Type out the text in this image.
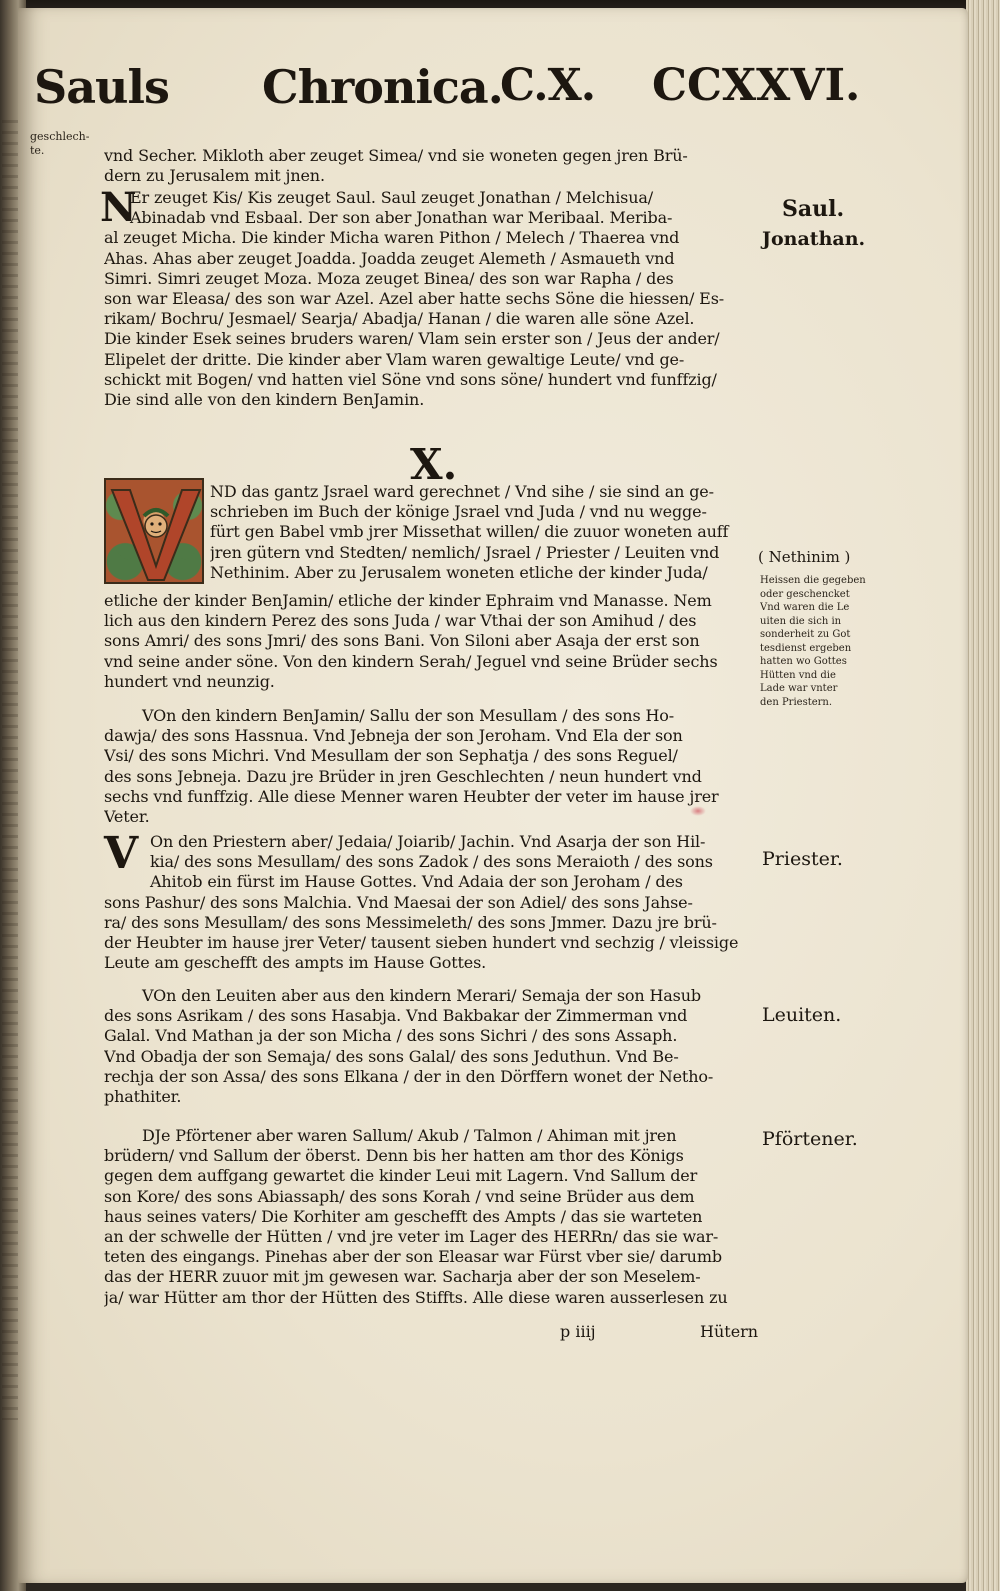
Sauls Chronica.
C.X. CCXXVI.
geschlech-
te.	vnd Secher. Mikloth aber zeuget Simea/ vnd sie woneten gegen jren Brü-
dern zu Jerusalem mit jnen.
N
Er zeuget Kis/ Kis zeuget Saul. Saul zeuget Jonathan / Melchisua/
Abinadab vnd Esbaal. Der son aber Jonathan war Meribaal. Meriba-
al zeuget Micha. Die kinder Micha waren Pithon / Melech / Thaerea vnd
Ahas. Ahas aber zeuget Joadda. Joadda zeuget Alemeth / Asmaueth vnd
Simri. Simri zeuget Moza. Moza zeuget Binea/ des son war Rapha / des
son war Eleasa/ des son war Azel. Azel aber hatte sechs Söne die hiessen/ Es-
rikam/ Bochru/ Jesmael/ Searja/ Abadja/ Hanan / die waren alle söne Azel.
Die kinder Esek seines bruders waren/ Vlam sein erster son / Jeus der ander/
Elipelet der dritte. Die kinder aber Vlam waren gewaltige Leute/ vnd ge-
schickt mit Bogen/ vnd hatten viel Söne vnd sons söne/ hundert vnd funffzig/
Die sind alle von den kindern BenJamin.
Saul.
Jonathan.
X.
ND das gantz Jsrael ward gerechnet / Vnd sihe / sie sind an ge-
schrieben im Buch der könige Jsrael vnd Juda / vnd nu wegge-
fürt gen Babel vmb jrer Missethat willen/ die zuuor woneten auff
jren gütern vnd Stedten/ nemlich/ Jsrael / Priester / Leuiten vnd
Nethinim. Aber zu Jerusalem woneten etliche der kinder Juda/
etliche der kinder BenJamin/ etliche der kinder Ephraim vnd Manasse. Nem
lich aus den kindern Perez des sons Juda / war Vthai der son Amihud / des
sons Amri/ des sons Jmri/ des sons Bani. Von Siloni aber Asaja der erst son
vnd seine ander söne. Von den kindern Serah/ Jeguel vnd seine Brüder sechs
hundert vnd neunzig.
( Nethinim )
Heissen die gegeben
oder geschencket
Vnd waren die Le
uiten die sich in
sonderheit zu Got
tesdienst ergeben
hatten wo Gottes
Hütten vnd die
Lade war vnter
den Priestern.
VOn den kindern BenJamin/ Sallu der son Mesullam / des sons Ho-
dawja/ des sons Hassnua. Vnd Jebneja der son Jeroham. Vnd Ela der son
Vsi/ des sons Michri. Vnd Mesullam der son Sephatja / des sons Reguel/
des sons Jebneja. Dazu jre Brüder in jren Geschlechten / neun hundert vnd
sechs vnd funffzig. Alle diese Menner waren Heubter der veter im hause jrer
Veter.
V On den Priestern aber/ Jedaia/ Joiarib/ Jachin. Vnd Asarja der son Hil-
kia/ des sons Mesullam/ des sons Zadok / des sons Meraioth / des sons
Ahitob ein fürst im Hause Gottes. Vnd Adaia der son Jeroham / des
sons Pashur/ des sons Malchia. Vnd Maesai der son Adiel/ des sons Jahse-
ra/ des sons Mesullam/ des sons Messimeleth/ des sons Jmmer. Dazu jre brü-
der Heubter im hause jrer Veter/ tausent sieben hundert vnd sechzig / vleissige
Leute am geschefft des ampts im Hause Gottes.
Priester.
VOn den Leuiten aber aus den kindern Merari/ Semaja der son Hasub
des sons Asrikam / des sons Hasabja. Vnd Bakbakar der Zimmerman vnd
Galal. Vnd Mathan ja der son Micha / des sons Sichri / des sons Assaph.
Vnd Obadja der son Semaja/ des sons Galal/ des sons Jeduthun. Vnd Be-
rechja der son Assa/ des sons Elkana / der in den Dörffern wonet der Netho-
phathiter.
Leuiten.
DJe Pförtener aber waren Sallum/ Akub / Talmon / Ahiman mit jren
brüdern/ vnd Sallum der öberst. Denn bis her hatten am thor des Königs
gegen dem auffgang gewartet die kinder Leui mit Lagern. Vnd Sallum der
son Kore/ des sons Abiassaph/ des sons Korah / vnd seine Brüder aus dem
haus seines vaters/ Die Korhiter am geschefft des Ampts / das sie warteten
an der schwelle der Hütten / vnd jre veter im Lager des HERRn/ das sie war-
teten des eingangs. Pinehas aber der son Eleasar war Fürst vber sie/ darumb
das der HERR zuuor mit jm gewesen war. Sacharja aber der son Meselem-
ja/ war Hütter am thor der Hütten des Stiffts. Alle diese waren ausserlesen zu
Pförtener.
p iiij	Hütern
